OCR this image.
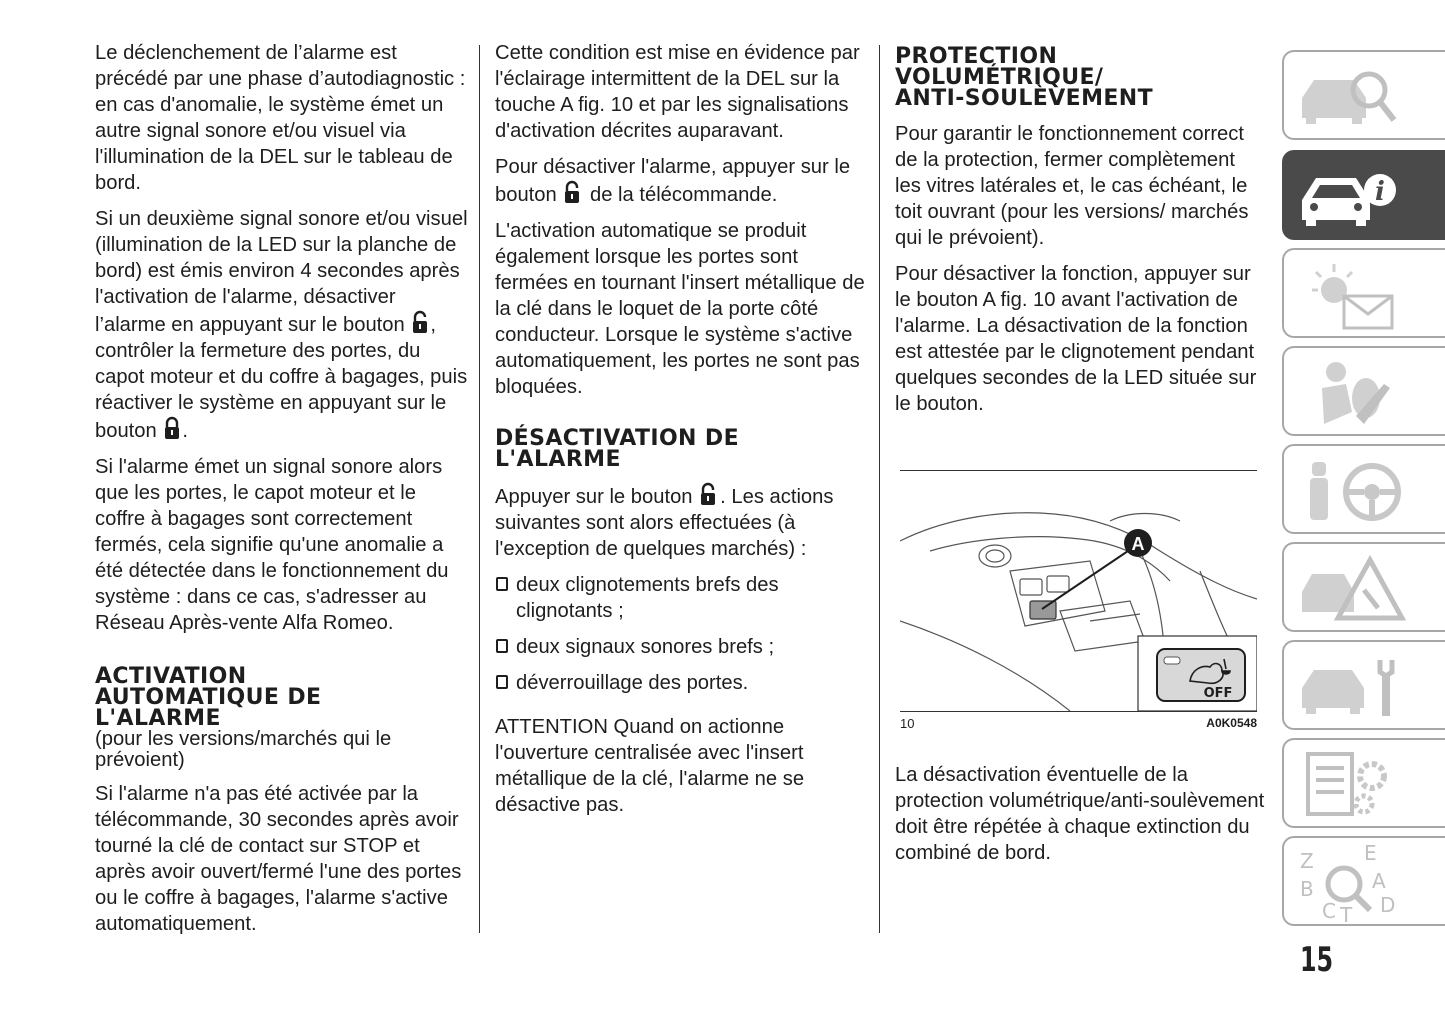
Le déclenchement de l’alarme est précédé par une phase d’autodiagnostic : en cas d'anomalie, le système émet un autre signal sonore et/ou visuel via l'illumination de la DEL sur le tableau de bord.

Si un deuxième signal sonore et/ou visuel (illumination de la LED sur la planche de bord) est émis environ 4 secondes après l'activation de l'alarme, désactiver l’alarme en appuyant sur le bouton , contrôler la fermeture des portes, du capot moteur et du coffre à bagages, puis réactiver le système en appuyant sur le bouton .

Si l'alarme émet un signal sonore alors que les portes, le capot moteur et le coffre à bagages sont correctement fermés, cela signifie qu'une anomalie a été détectée dans le fonctionnement du système : dans ce cas, s'adresser au Réseau Après-vente Alfa Romeo.

ACTIVATION
AUTOMATIQUE DE
L'ALARME

(pour les versions/marchés qui le prévoient)

Si l'alarme n'a pas été activée par la télécommande, 30 secondes après avoir tourné la clé de contact sur STOP et après avoir ouvert/fermé l'une des portes ou le coffre à bagages, l'alarme s'active automatiquement.

Cette condition est mise en évidence par l'éclairage intermittent de la DEL sur la touche A fig. 10 et par les signalisations d'activation décrites auparavant.

Pour désactiver l'alarme, appuyer sur le bouton de la télécommande.

L'activation automatique se produit également lorsque les portes sont fermées en tournant l'insert métallique de la clé dans le loquet de la porte côté conducteur. Lorsque le système s'active automatiquement, les portes ne sont pas bloquées.

DÉSACTIVATION DE
L'ALARME

Appuyer sur le bouton . Les actions suivantes sont alors effectuées (à l'exception de quelques marchés) :

deux clignotements brefs des clignotants ;
deux signaux sonores brefs ;
déverrouillage des portes.

ATTENTION Quand on actionne l'ouverture centralisée avec l'insert métallique de la clé, l'alarme ne se désactive pas.

PROTECTION
VOLUMÉTRIQUE/
ANTI-SOULÈVEMENT

Pour garantir le fonctionnement correct de la protection, fermer complètement les vitres latérales et, le cas échéant, le toit ouvrant (pour les versions/ marchés qui le prévoient).

Pour désactiver la fonction, appuyer sur le bouton A fig. 10 avant l'activation de l'alarme. La désactivation de la fonction est attestée par le clignotement pendant quelques secondes de la LED située sur le bouton.

La désactivation éventuelle de la protection volumétrique/anti-soulèvement doit être répétée à chaque extinction du combiné de bord.

A
OFF
10	A0K0548
i
Z	E
B	A
C T D
15
